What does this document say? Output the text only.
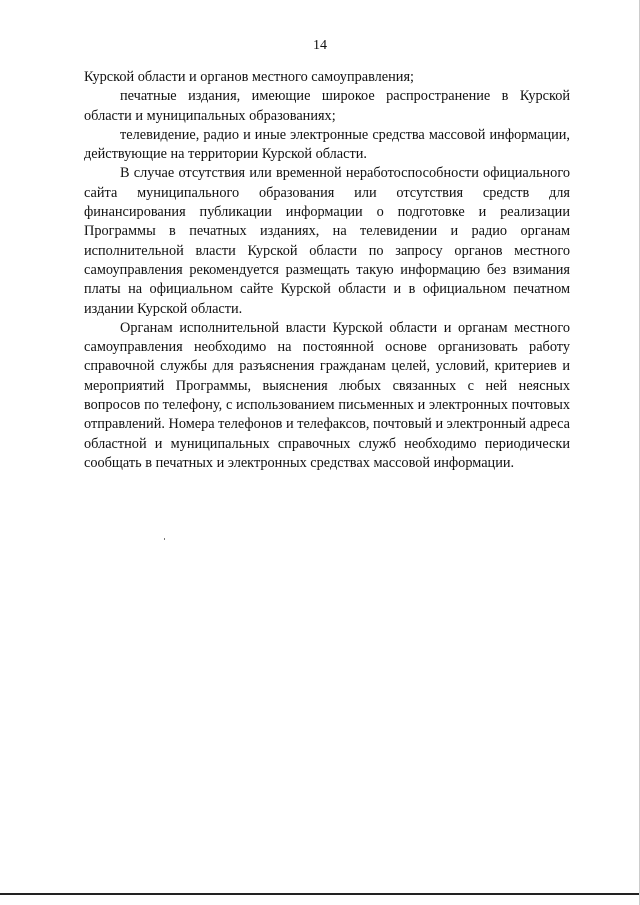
14

Курской области и органов местного самоуправления;

печатные издания, имеющие широкое распространение в Курской области и муниципальных образованиях;

телевидение, радио и иные электронные средства массовой информации, действующие на территории Курской области.

В случае отсутствия или временной неработоспособности официального сайта муниципального образования или отсутствия средств для финансирования публикации информации о подготовке и реализации Программы в печатных изданиях, на телевидении и радио органам исполнительной власти Курской области по запросу органов местного самоуправления рекомендуется размещать такую информацию без взимания платы на официальном сайте Курской области и в официальном печатном издании Курской области.

Органам исполнительной власти Курской области и органам местного самоуправления необходимо на постоянной основе организовать работу справочной службы для разъяснения гражданам целей, условий, критериев и мероприятий Программы, выяснения любых связанных с ней неясных вопросов по телефону, с использованием письменных и электронных почтовых отправлений. Номера телефонов и телефаксов, почтовый и электронный адреса областной и муниципальных справочных служб необходимо периодически сообщать в печатных и электронных средствах массовой информации.
